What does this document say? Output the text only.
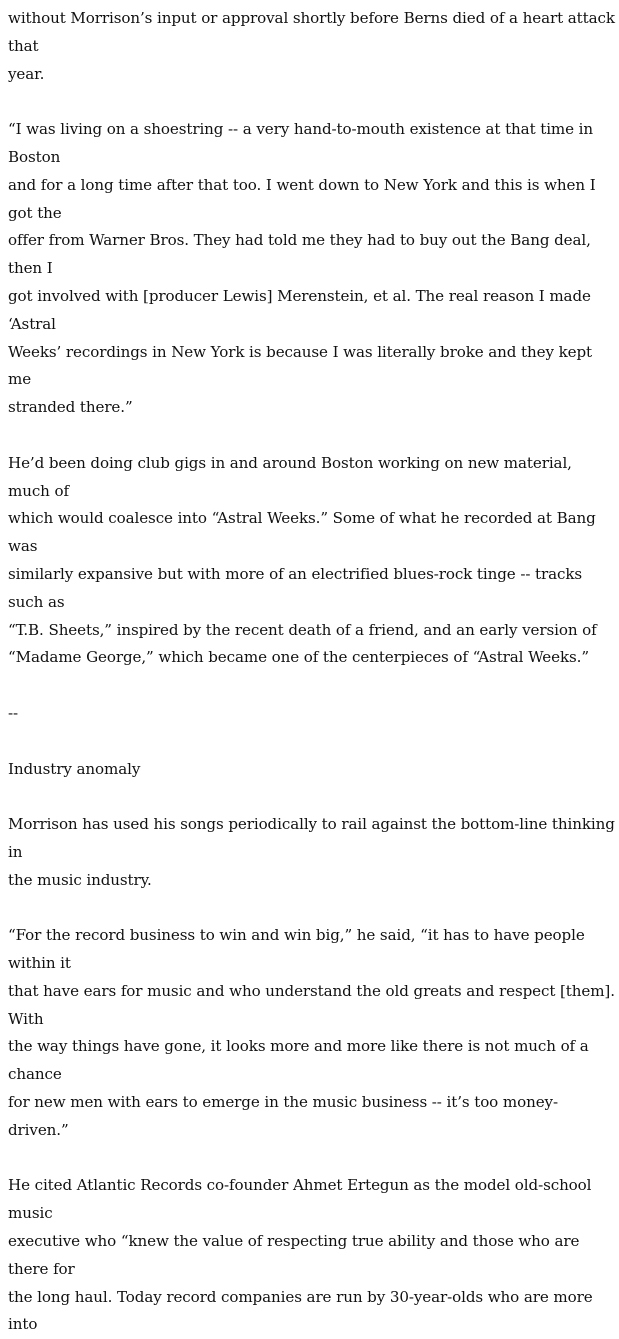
without Morrison’s input or approval shortly before Berns died of a heart attack that
year.

“I was living on a shoestring -- a very hand-to-mouth existence at that time in Boston
and for a long time after that too. I went down to New York and this is when I got the
offer from Warner Bros. They had told me they had to buy out the Bang deal, then I
got involved with [producer Lewis] Merenstein, et al. The real reason I made ‘Astral
Weeks’ recordings in New York is because I was literally broke and they kept me
stranded there.”

He’d been doing club gigs in and around Boston working on new material, much of
which would coalesce into “Astral Weeks.” Some of what he recorded at Bang was
similarly expansive but with more of an electrified blues-rock tinge -- tracks such as
“T.B. Sheets,” inspired by the recent death of a friend, and an early version of
“Madame George,” which became one of the centerpieces of “Astral Weeks.”

--

Industry anomaly

Morrison has used his songs periodically to rail against the bottom-line thinking in
the music industry.

“For the record business to win and win big,” he said, “it has to have people within it
that have ears for music and who understand the old greats and respect [them]. With
the way things have gone, it looks more and more like there is not much of a chance
for new men with ears to emerge in the music business -- it’s too money-driven.”

He cited Atlantic Records co-founder Ahmet Ertegun as the model old-school music
executive who “knew the value of respecting true ability and those who are there for
the long haul. Today record companies are run by 30-year-olds who are more into
